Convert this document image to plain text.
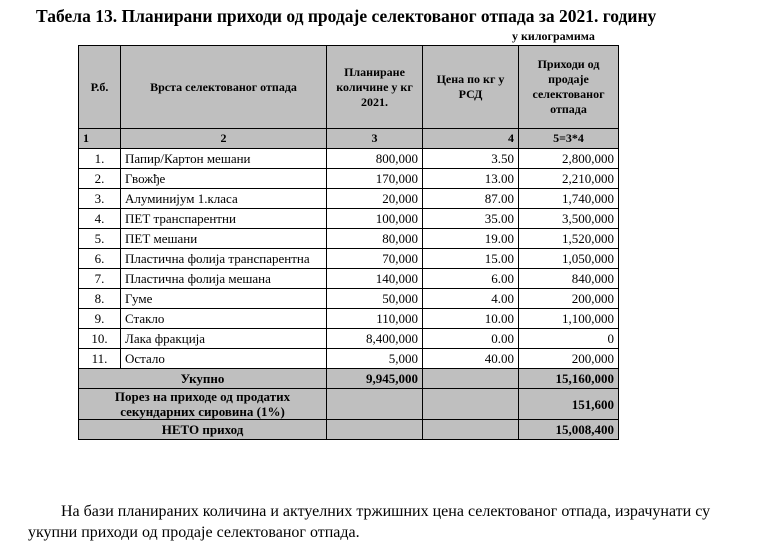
Табела 13. Планирани приходи од продаје селектованог отпада за 2021. годину
у килограмима
Р.б.	Врста селектованог отпада	Планиране количине у кг 2021.	Цена по кг у РСД	Приходи од продаје селектованог отпада
1	2	3	4	5=3*4
1.	Папир/Картон мешани	800,000	3.50	2,800,000
2.	Гвожђе	170,000	13.00	2,210,000
3.	Алуминијум 1.класа	20,000	87.00	1,740,000
4.	ПЕТ транспарентни	100,000	35.00	3,500,000
5.	ПЕТ мешани	80,000	19.00	1,520,000
6.	Пластична фолија транспарентна	70,000	15.00	1,050,000
7.	Пластична фолија мешана	140,000	6.00	840,000
8.	Гуме	50,000	4.00	200,000
9.	Стакло	110,000	10.00	1,100,000
10.	Лака фракција	8,400,000	0.00	0
11.	Остало	5,000	40.00	200,000
Укупно		9,945,000		15,160,000
Порез на приходе од продатих секундарних сировина (1%)				151,600
НЕТО приход				15,008,400
На бази планираних количина и актуелних тржишних цена селектованог отпада, израчунати су укупни приходи од продаје селектованог отпада.
